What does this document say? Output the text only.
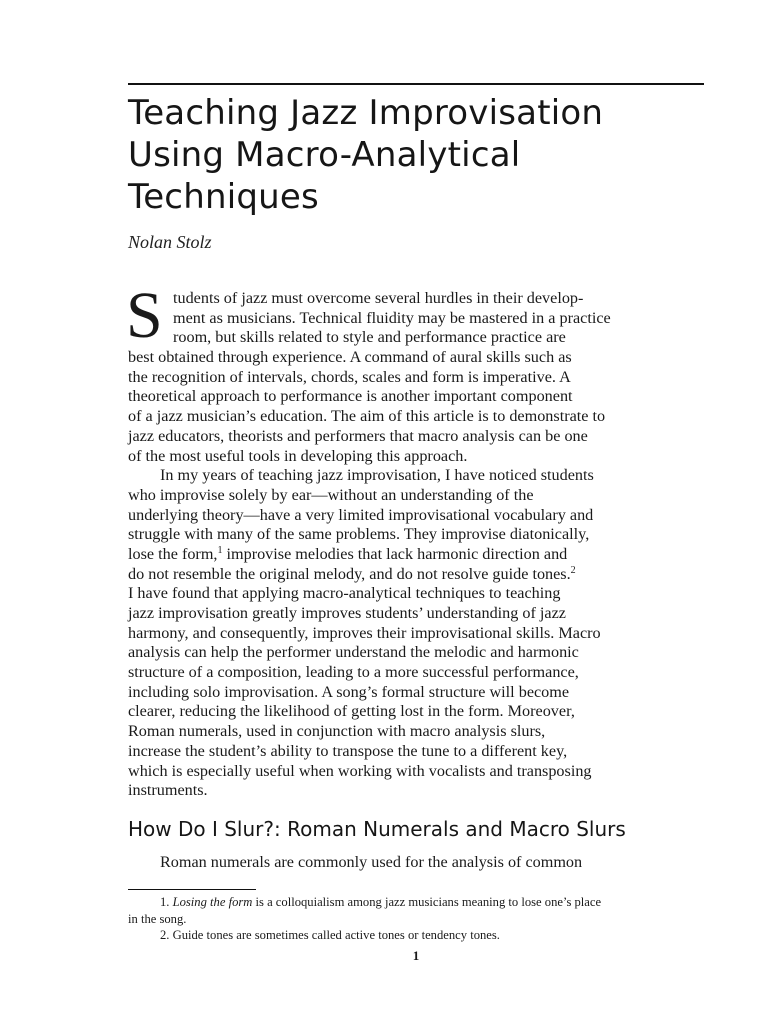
Teaching Jazz Improvisation
Using Macro-Analytical
Techniques
Nolan Stolz
S tudents of jazz must overcome several hurdles in their develop-
ment as musicians. Technical fluidity may be mastered in a practice
room, but skills related to style and performance practice are
best obtained through experience. A command of aural skills such as
the recognition of intervals, chords, scales and form is imperative. A
theoretical approach to performance is another important component
of a jazz musician’s education. The aim of this article is to demonstrate to
jazz educators, theorists and performers that macro analysis can be one
of the most useful tools in developing this approach.
In my years of teaching jazz improvisation, I have noticed students
who improvise solely by ear—without an understanding of the
underlying theory—have a very limited improvisational vocabulary and
struggle with many of the same problems. They improvise diatonically,
lose the form,$^1$ improvise melodies that lack harmonic direction and
do not resemble the original melody, and do not resolve guide tones.$^2$
I have found that applying macro-analytical techniques to teaching
jazz improvisation greatly improves students’ understanding of jazz
harmony, and consequently, improves their improvisational skills. Macro
analysis can help the performer understand the melodic and harmonic
structure of a composition, leading to a more successful performance,
including solo improvisation. A song’s formal structure will become
clearer, reducing the likelihood of getting lost in the form. Moreover,
Roman numerals, used in conjunction with macro analysis slurs,
increase the student’s ability to transpose the tune to a different key,
which is especially useful when working with vocalists and transposing
instruments.
How Do I Slur?: Roman Numerals and Macro Slurs
Roman numerals are commonly used for the analysis of common
1. Losing the form is a colloquialism among jazz musicians meaning to lose one’s place
in the song.
2. Guide tones are sometimes called active tones or tendency tones.
1
